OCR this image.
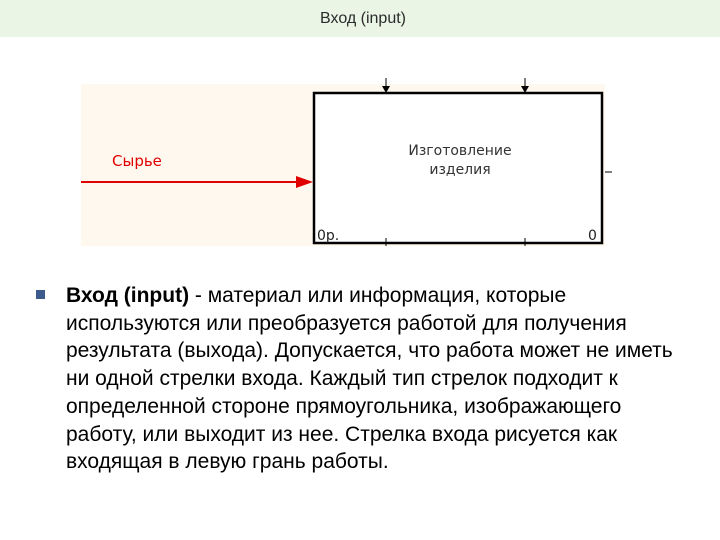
Вход (input)
Сырье
Изготовление
изделия
0р.	0

Вход (input) - материал или информация, которые используются или преобразуется работой для получения результата (выхода). Допускается, что работа может не иметь ни одной стрелки входа. Каждый тип стрелок подходит к определенной стороне прямоугольника, изображающего работу, или выходит из нее. Стрелка входа рисуется как входящая в левую грань работы.
